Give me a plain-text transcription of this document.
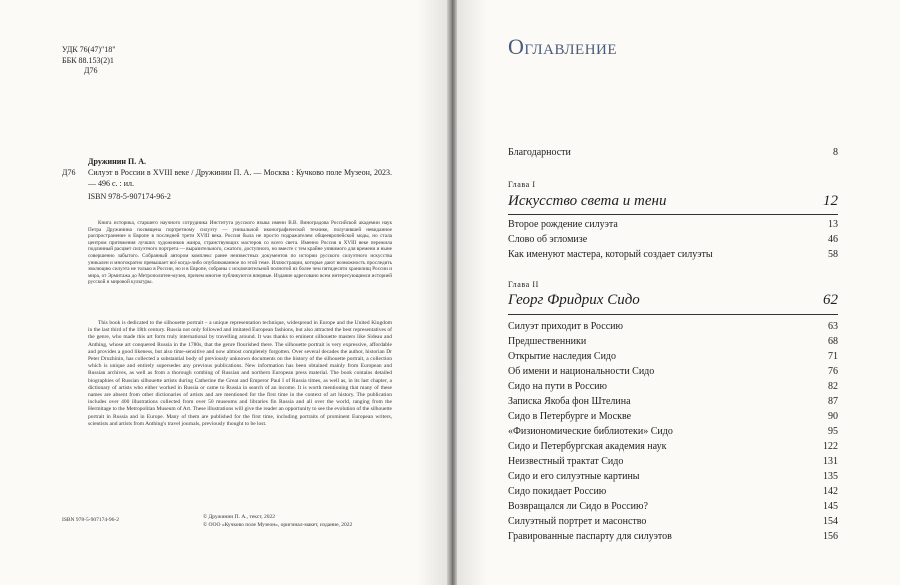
УДК 76(47)"18"
ББК 88.153(2)1
Д76
Дружинин П. А.
Д76 Силуэт в России в XVIII веке / Дружинин П. А. — Москва : Кучково поле Музеон, 2023. — 496 с. : ил.
ISBN 978-5-907174-96-2
Книга историка, старшего научного сотрудника Института русского языка имени В.В. Виноградова Российской академии наук Петра Дружинина посвящена портретному силуэту — уникальной иконографической технике, получившей невиданное распространение в Европе в последней трети XVIII века. Россия была не просто подражателем общеевропейской моды, но стала центром притяжения лучших художников жанра, странствующих мастеров со всего света. Именно Россия в XVIII веке пережила подлинный расцвет силуэтного портрета — выразительного, сжатого, доступного, но вместе с тем крайне уязвимого для времени и ныне совершенно забытого. Собранный автором комплекс ранее неизвестных документов по истории русского силуэтного искусства уникален и многократно превышает всё когда-либо опубликованное по этой теме. Иллюстрации, которые дают возможность проследить эволюцию силуэта не только в России, но и в Европе, собраны с исключительной полнотой из более чем пятидесяти хранилищ России и мира, от Эрмитажа до Метрополитен-музея, причем многие публикуются впервые. Издание адресовано всем интересующимся историей русской и мировой культуры.

This book is dedicated to the silhouette portrait – a unique representation technique, widespread in Europe and the United Kingdom in the last third of the 18th century. Russia not only followed and imitated European fashions, but also attracted the best representatives of the genre, who made this art form truly international by travelling around. It was thanks to eminent silhouette masters like Sideau and Anthing, whose art conquered Russia in the 1780s, that the genre flourished there. The silhouette portrait is very expressive, affordable and provides a good likeness, but also time-sensitive and now almost completely forgotten. Over several decades the author, historian Dr Peter Druzhinin, has collected a substantial body of previously unknown documents on the history of the silhouette portrait, a collection which is unique and entirely supersedes any previous publications. New information has been obtained mainly from European and Russian archives, as well as from a thorough combing of Russian and northern European press material. The book contains detailed biographies of Russian silhouette artists during Catherine the Great and Emperor Paul I of Russia times, as well as, in its last chapter, a dictionary of artists who either worked in Russia or came to Russia in search of an income. It is worth mentioning that many of these names are absent from other dictionaries of artists and are mentioned for the first time in the context of art history. The publication includes over 400 illustrations collected from over 50 museums and libraries fin Russia and all over the world, ranging from the Hermitage to the Metropolitan Museum of Art. These illustrations will give the reader an opportunity to see the evolution of the silhouette portrait in Russia and in Europe. Many of them are published for the first time, including portraits of prominent European writers, scientists and artists from Anthing's travel journals, previously thought to be lost.

ISBN 978-5-907174-96-2	© Дружинин П. А., текст, 2022
© ООО «Кучково поле Музеон», оригинал-макет, издание, 2022
Оглавление
Благодарности	8
Глава I
Искусство света и тени	12
Второе рождение силуэта	13
Слово об эгломизе	46
Как именуют мастера, который создает силуэты	58
Глава II
Георг Фридрих Сидо	62
Силуэт приходит в Россию	63
Предшественники	68
Открытие наследия Сидо	71
Об имени и национальности Сидо	76
Сидо на пути в Россию	82
Записка Якоба фон Штелина	87
Сидо в Петербурге и Москве	90
«Физиономические библиотеки» Сидо	95
Сидо и Петербургская академия наук	122
Неизвестный трактат Сидо	131
Сидо и его силуэтные картины	135
Сидо покидает Россию	142
Возвращался ли Сидо в Россию?	145
Силуэтный портрет и масонство	154
Гравированные паспарту для силуэтов	156
